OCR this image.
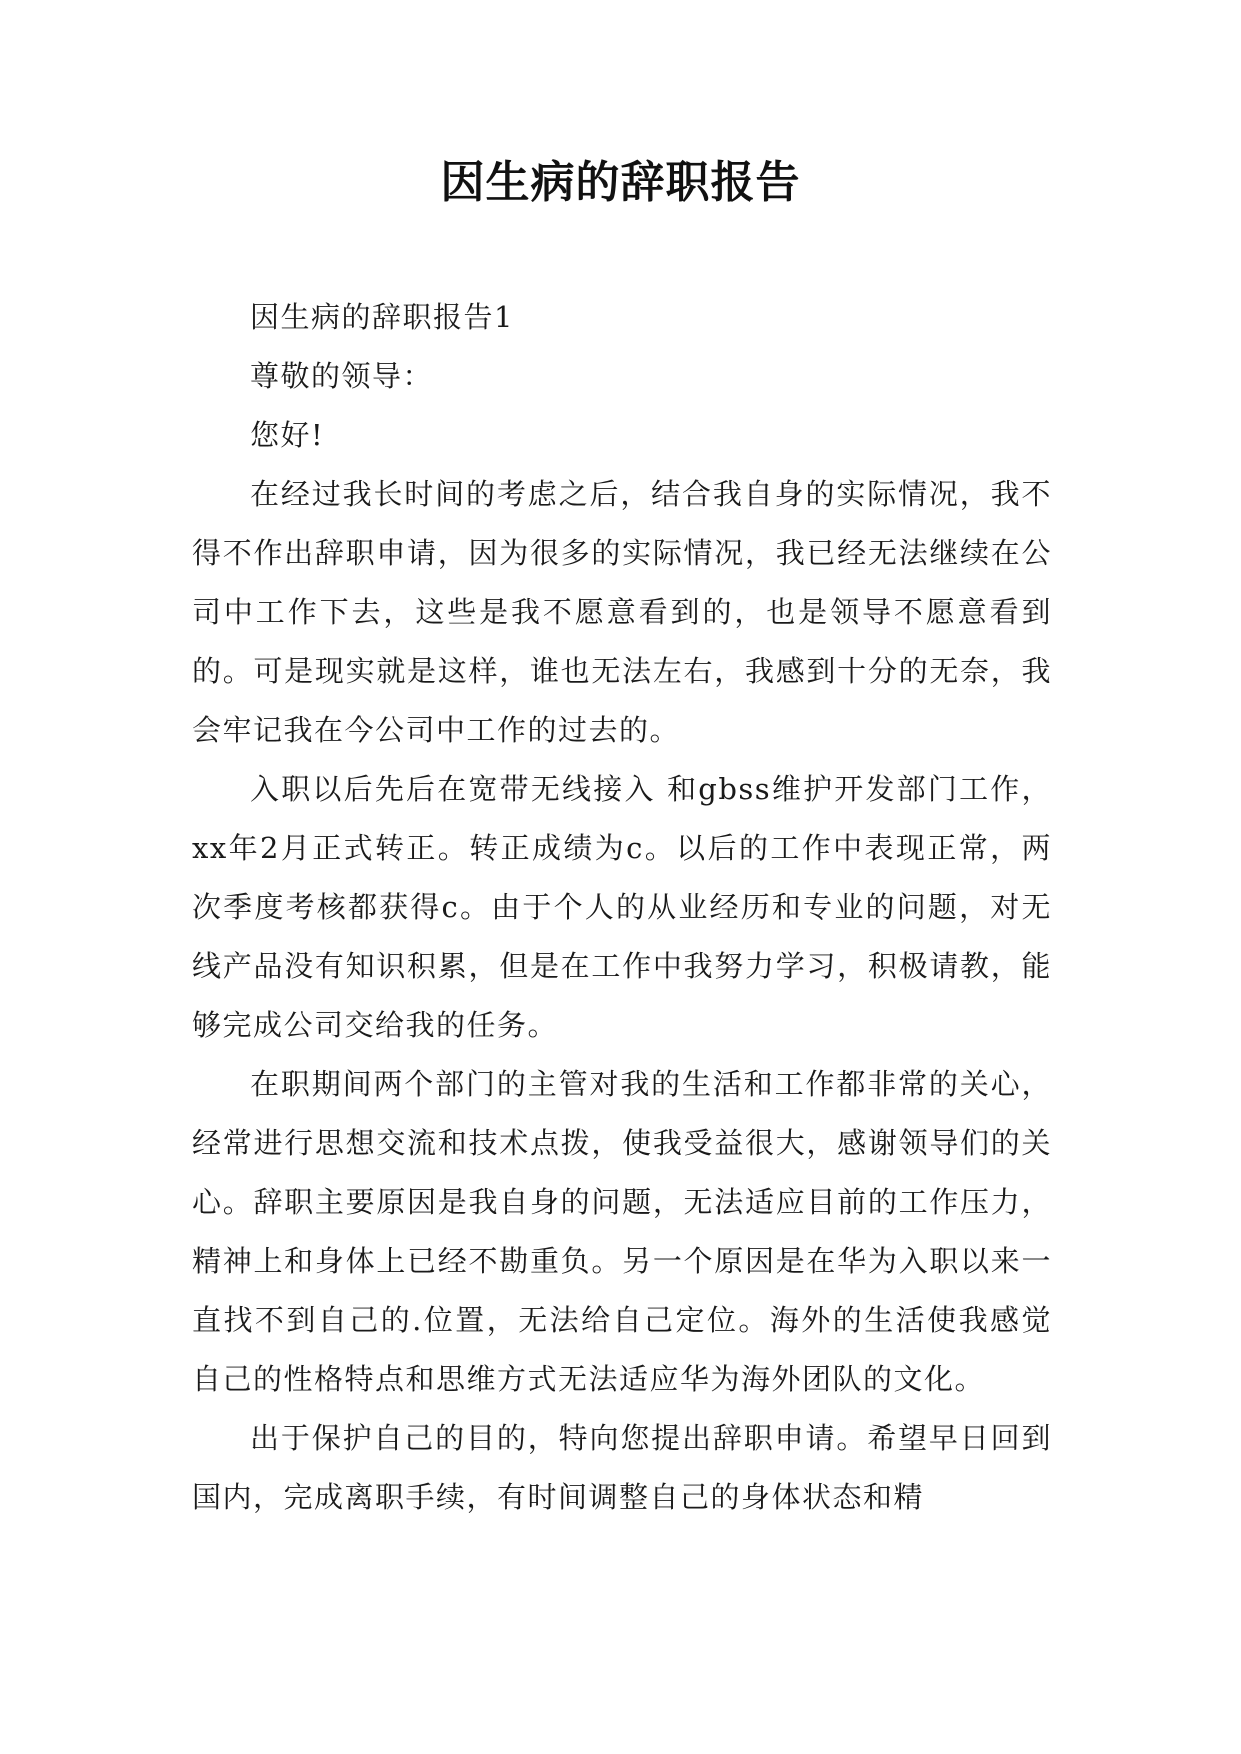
因生病的辞职报告

因生病的辞职报告1

尊敬的领导：

您好!

在经过我长时间的考虑之后，结合我自身的实际情况，我不得不作出辞职申请，因为很多的实际情况，我已经无法继续在公司中工作下去，这些是我不愿意看到的，也是领导不愿意看到的。可是现实就是这样，谁也无法左右，我感到十分的无奈，我会牢记我在今公司中工作的过去的。

入职以后先后在宽带无线接入 和gbss维护开发部门工作，xx年2月正式转正。转正成绩为c。以后的工作中表现正常，两次季度考核都获得c。由于个人的从业经历和专业的问题，对无线产品没有知识积累，但是在工作中我努力学习，积极请教，能够完成公司交给我的任务。

在职期间两个部门的主管对我的生活和工作都非常的关心，经常进行思想交流和技术点拨，使我受益很大，感谢领导们的关心。辞职主要原因是我自身的问题，无法适应目前的工作压力，精神上和身体上已经不勘重负。另一个原因是在华为入职以来一直找不到自己的.位置，无法给自己定位。海外的生活使我感觉自己的性格特点和思维方式无法适应华为海外团队的文化。

出于保护自己的目的，特向您提出辞职申请。希望早日回到国内，完成离职手续，有时间调整自己的身体状态和精
